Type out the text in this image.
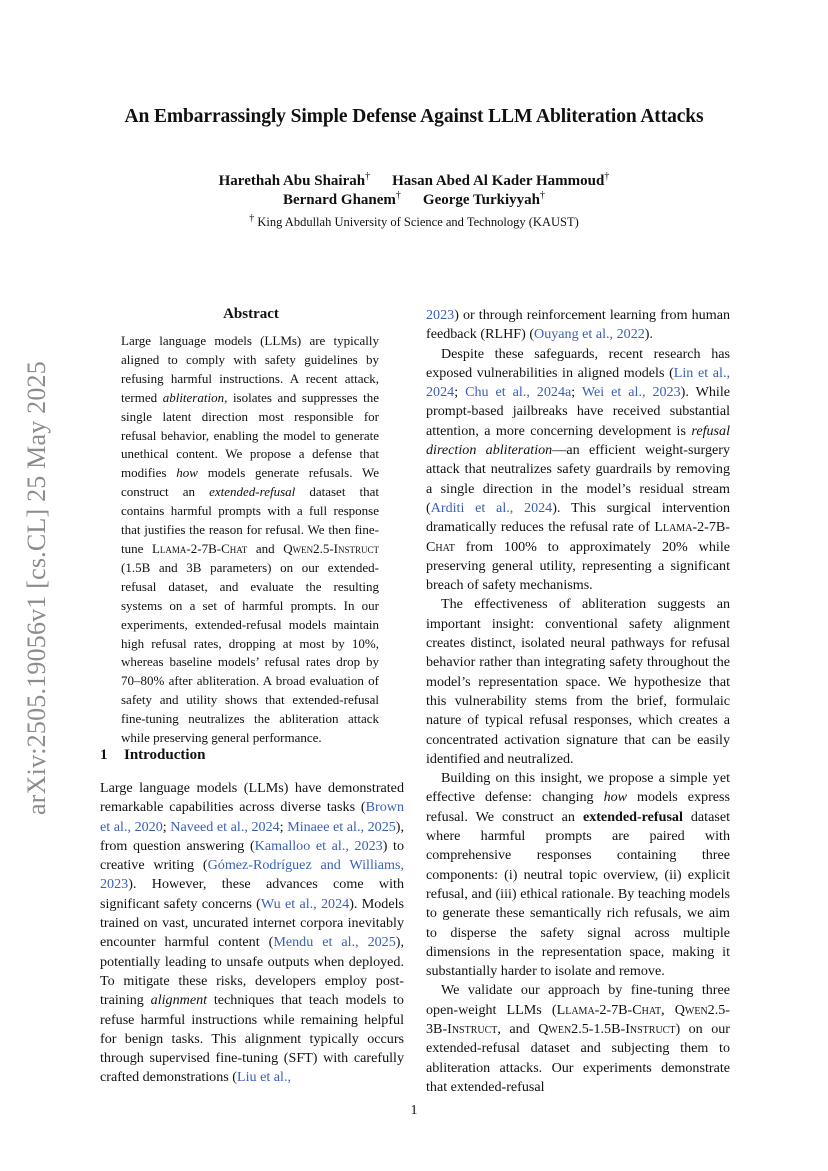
arXiv:2505.19056v1 [cs.CL] 25 May 2025
An Embarrassingly Simple Defense Against LLM Abliteration Attacks
Harethah Abu Shairah† Hasan Abed Al Kader Hammoud†
Bernard Ghanem† George Turkiyyah†
† King Abdullah University of Science and Technology (KAUST)
Abstract
Large language models (LLMs) are typically aligned to comply with safety guidelines by refusing harmful instructions. A recent attack, termed abliteration, isolates and suppresses the single latent direction most responsible for refusal behavior, enabling the model to generate unethical content. We propose a defense that modifies how models generate refusals. We construct an extended-refusal dataset that contains harmful prompts with a full response that justifies the reason for refusal. We then fine-tune Llama-2-7B-Chat and Qwen2.5-Instruct (1.5B and 3B parameters) on our extended-refusal dataset, and evaluate the resulting systems on a set of harmful prompts. In our experiments, extended-refusal models maintain high refusal rates, dropping at most by 10%, whereas baseline models’ refusal rates drop by 70–80% after abliteration. A broad evaluation of safety and utility shows that extended-refusal fine-tuning neutralizes the abliteration attack while preserving general performance.
1 Introduction

Large language models (LLMs) have demonstrated remarkable capabilities across diverse tasks (Brown et al., 2020; Naveed et al., 2024; Minaee et al., 2025), from question answering (Kamalloo et al., 2023) to creative writing (Gómez-Rodríguez and Williams, 2023). However, these advances come with significant safety concerns (Wu et al., 2024). Models trained on vast, uncurated internet corpora inevitably encounter harmful content (Mendu et al., 2025), potentially leading to unsafe outputs when deployed. To mitigate these risks, developers employ post-training alignment techniques that teach models to refuse harmful instructions while remaining helpful for benign tasks. This alignment typically occurs through supervised fine-tuning (SFT) with carefully crafted demonstrations (Liu et al.,

2023) or through reinforcement learning from human feedback (RLHF) (Ouyang et al., 2022).

Despite these safeguards, recent research has exposed vulnerabilities in aligned models (Lin et al., 2024; Chu et al., 2024a; Wei et al., 2023). While prompt-based jailbreaks have received substantial attention, a more concerning development is refusal direction abliteration—an efficient weight-surgery attack that neutralizes safety guardrails by removing a single direction in the model’s residual stream (Arditi et al., 2024). This surgical intervention dramatically reduces the refusal rate of Llama-2-7B-Chat from 100% to approximately 20% while preserving general utility, representing a significant breach of safety mechanisms.

The effectiveness of abliteration suggests an important insight: conventional safety alignment creates distinct, isolated neural pathways for refusal behavior rather than integrating safety throughout the model’s representation space. We hypothesize that this vulnerability stems from the brief, formulaic nature of typical refusal responses, which creates a concentrated activation signature that can be easily identified and neutralized.

Building on this insight, we propose a simple yet effective defense: changing how models express refusal. We construct an extended-refusal dataset where harmful prompts are paired with comprehensive responses containing three components: (i) neutral topic overview, (ii) explicit refusal, and (iii) ethical rationale. By teaching models to generate these semantically rich refusals, we aim to disperse the safety signal across multiple dimensions in the representation space, making it substantially harder to isolate and remove.

We validate our approach by fine-tuning three open-weight LLMs (Llama-2-7B-Chat, Qwen2.5-3B-Instruct, and Qwen2.5-1.5B-Instruct) on our extended-refusal dataset and subjecting them to abliteration attacks. Our experiments demonstrate that extended-refusal

1
